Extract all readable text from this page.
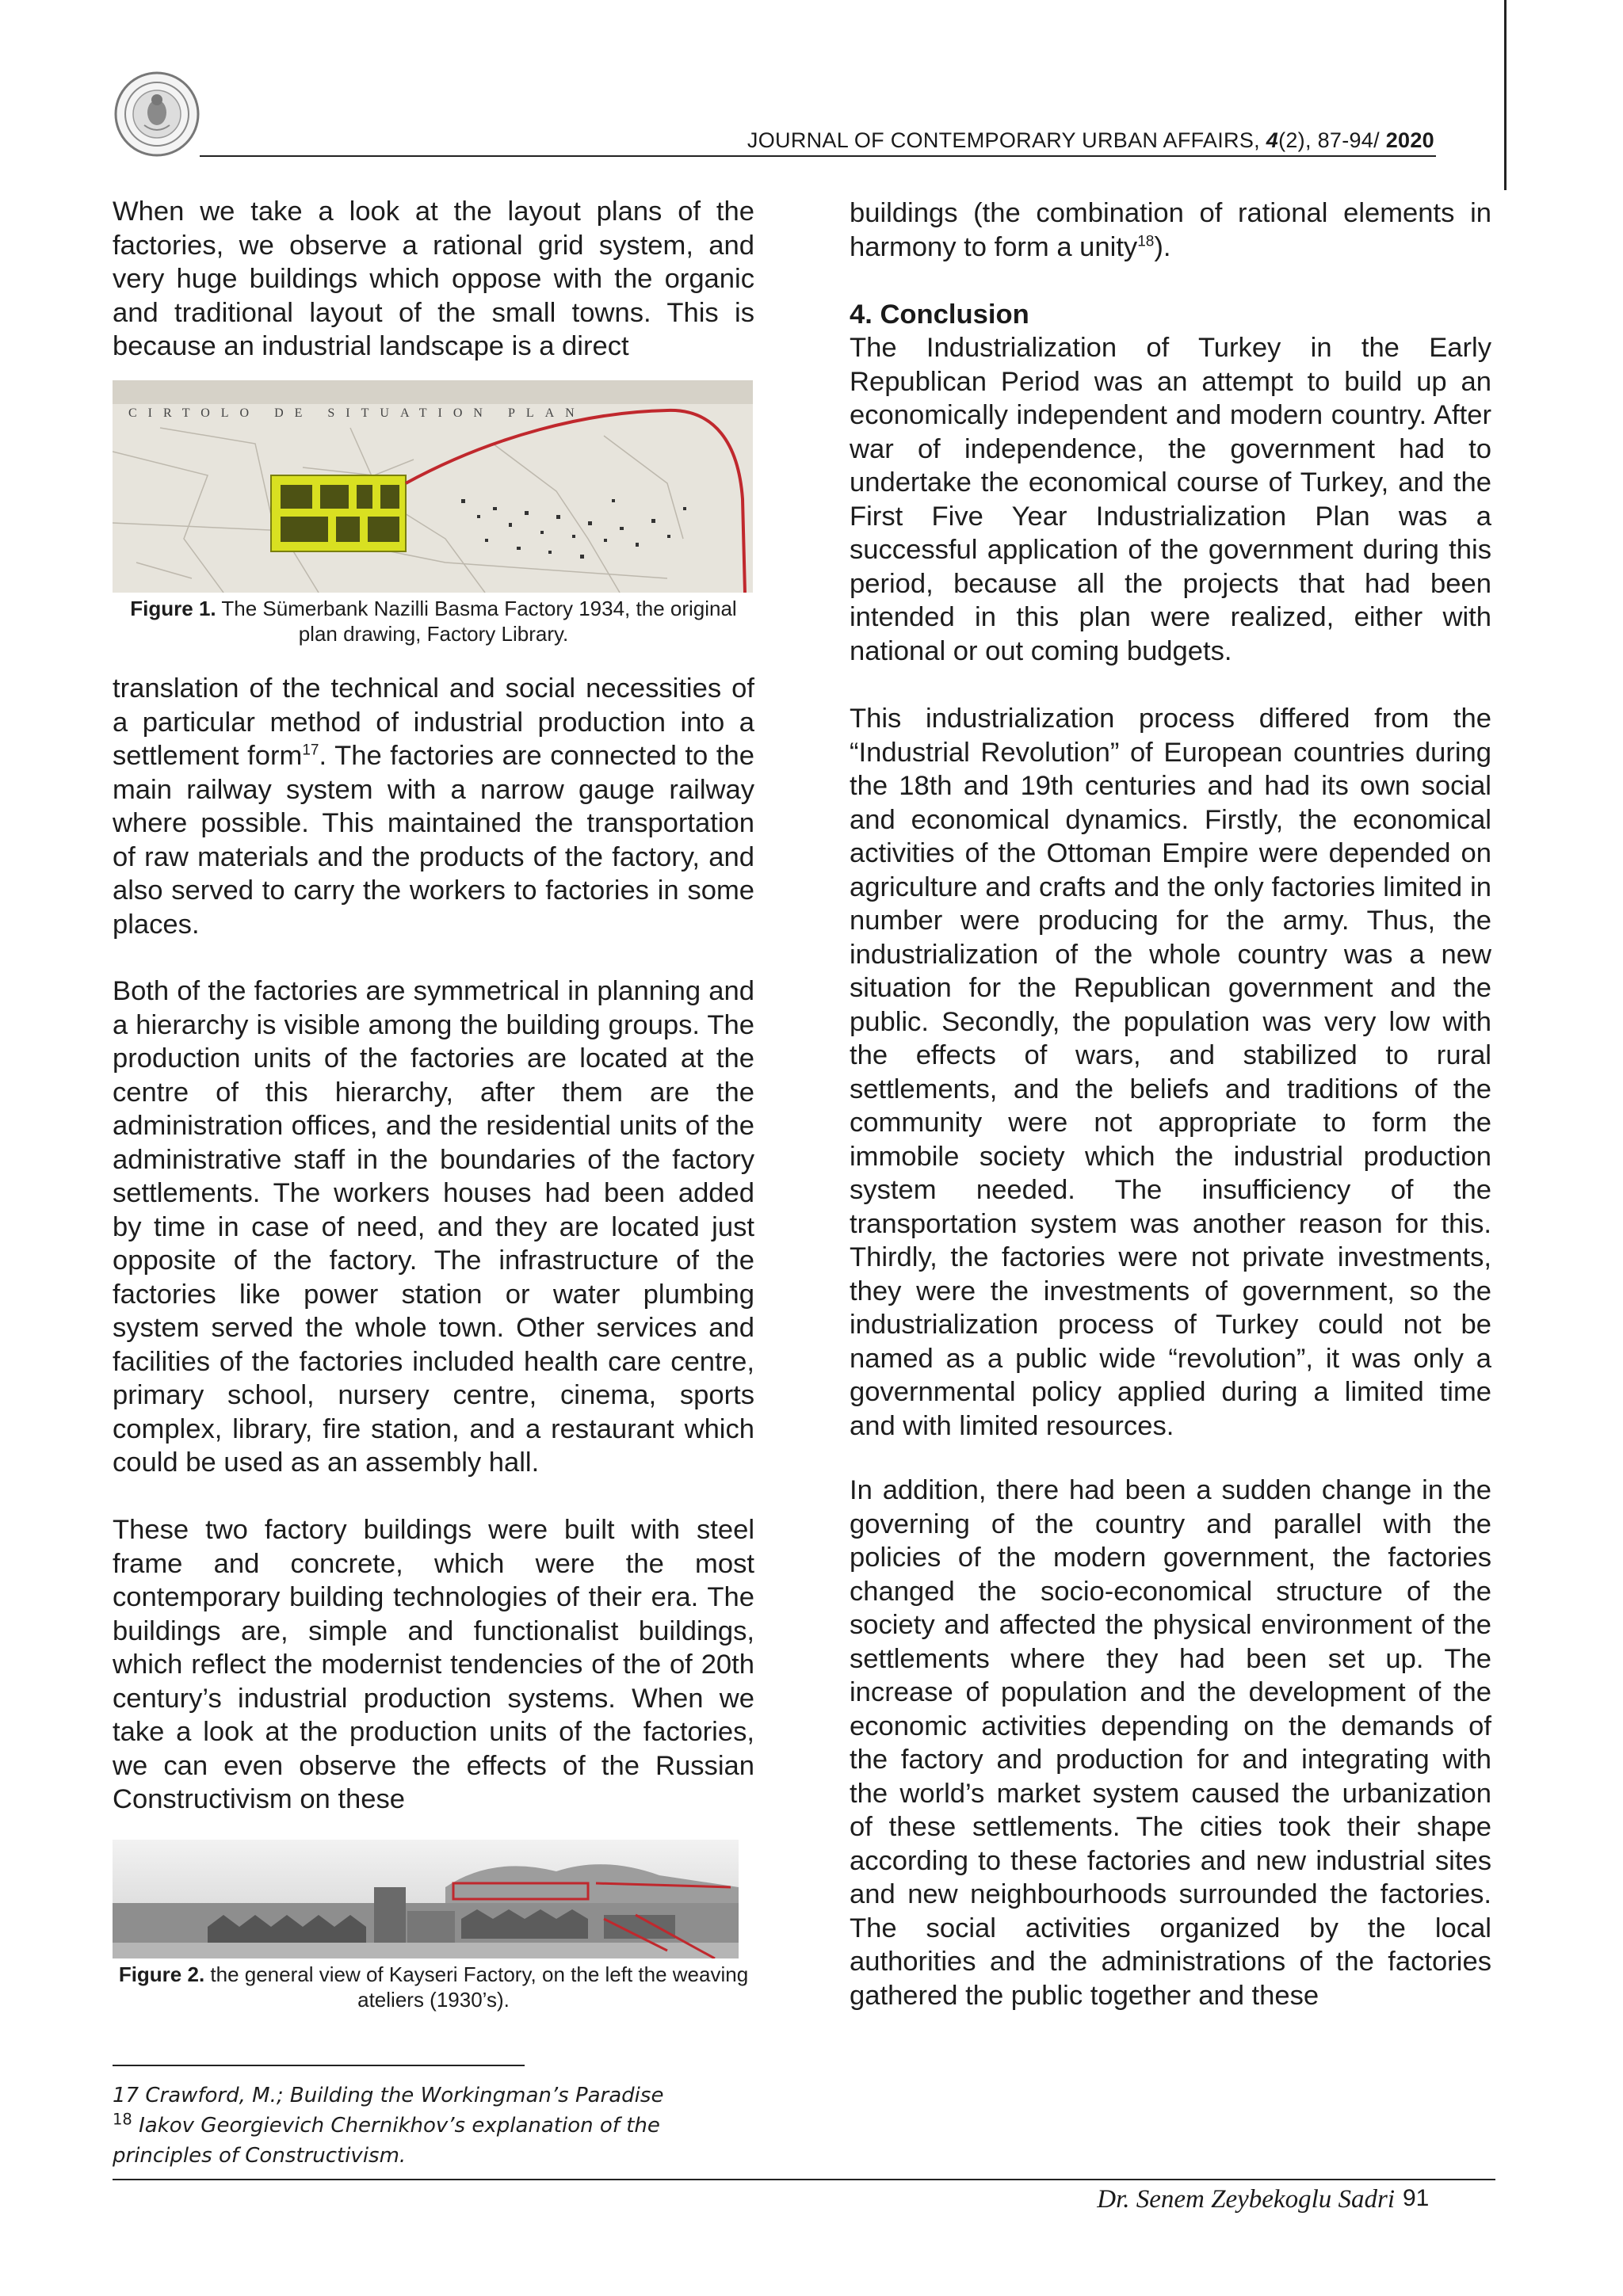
JOURNAL OF CONTEMPORARY URBAN AFFAIRS, 4(2), 87-94/ 2020

When we take a look at the layout plans of the factories, we observe a rational grid system, and very huge buildings which oppose with the organic and traditional layout of the small towns. This is because an industrial landscape is a direct

CIRTOLO DE SITUATION PLAN
Figure 1. The Sümerbank Nazilli Basma Factory 1934, the original plan drawing, Factory Library.

translation of the technical and social necessities of a particular method of industrial production into a settlement form$^{17}$. The factories are connected to the main railway system with a narrow gauge railway where possible. This maintained the transportation of raw materials and the products of the factory, and also served to carry the workers to factories in some places.

Both of the factories are symmetrical in planning and a hierarchy is visible among the building groups. The production units of the factories are located at the centre of this hierarchy, after them are the administration offices, and the residential units of the administrative staff in the boundaries of the factory settlements. The workers houses had been added by time in case of need, and they are located just opposite of the factory. The infrastructure of the factories like power station or water plumbing system served the whole town. Other services and facilities of the factories included health care centre, primary school, nursery centre, cinema, sports complex, library, fire station, and a restaurant which could be used as an assembly hall.

These two factory buildings were built with steel frame and concrete, which were the most contemporary building technologies of their era. The buildings are, simple and functionalist buildings, which reflect the modernist tendencies of the of 20th century’s industrial production systems. When we take a look at the production units of the factories, we can even observe the effects of the Russian Constructivism on these

Figure 2. the general view of Kayseri Factory, on the left the weaving ateliers (1930’s).

buildings (the combination of rational elements in harmony to form a unity$^{18}$).

4. Conclusion

The Industrialization of Turkey in the Early Republican Period was an attempt to build up an economically independent and modern country. After war of independence, the government had to undertake the economical course of Turkey, and the First Five Year Industrialization Plan was a successful application of the government during this period, because all the projects that had been intended in this plan were realized, either with national or out coming budgets.

This industrialization process differed from the “Industrial Revolution” of European countries during the 18th and 19th centuries and had its own social and economical dynamics. Firstly, the economical activities of the Ottoman Empire were depended on agriculture and crafts and the only factories limited in number were producing for the army. Thus, the industrialization of the whole country was a new situation for the Republican government and the public. Secondly, the population was very low with the effects of wars, and stabilized to rural settlements, and the beliefs and traditions of the community were not appropriate to form the immobile society which the industrial production system needed. The insufficiency of the transportation system was another reason for this. Thirdly, the factories were not private investments, they were the investments of government, so the industrialization process of Turkey could not be named as a public wide “revolution”, it was only a governmental policy applied during a limited time and with limited resources.

In addition, there had been a sudden change in the governing of the country and parallel with the policies of the modern government, the factories changed the socio-economical structure of the society and affected the physical environment of the settlements where they had been set up. The increase of population and the development of the economic activities depending on the demands of the factory and production for and integrating with the world’s market system caused the urbanization of these settlements. The cities took their shape according to these factories and new industrial sites and new neighbourhoods surrounded the factories. The social activities organized by the local authorities and the administrations of the factories gathered the public together and these

17 Crawford, M.; Building the Workingman’s Paradise
$^{18}$ Iakov Georgievich Chernikhov’s explanation of the principles of Constructivism.
Dr. Senem Zeybekoglu Sadri 91
